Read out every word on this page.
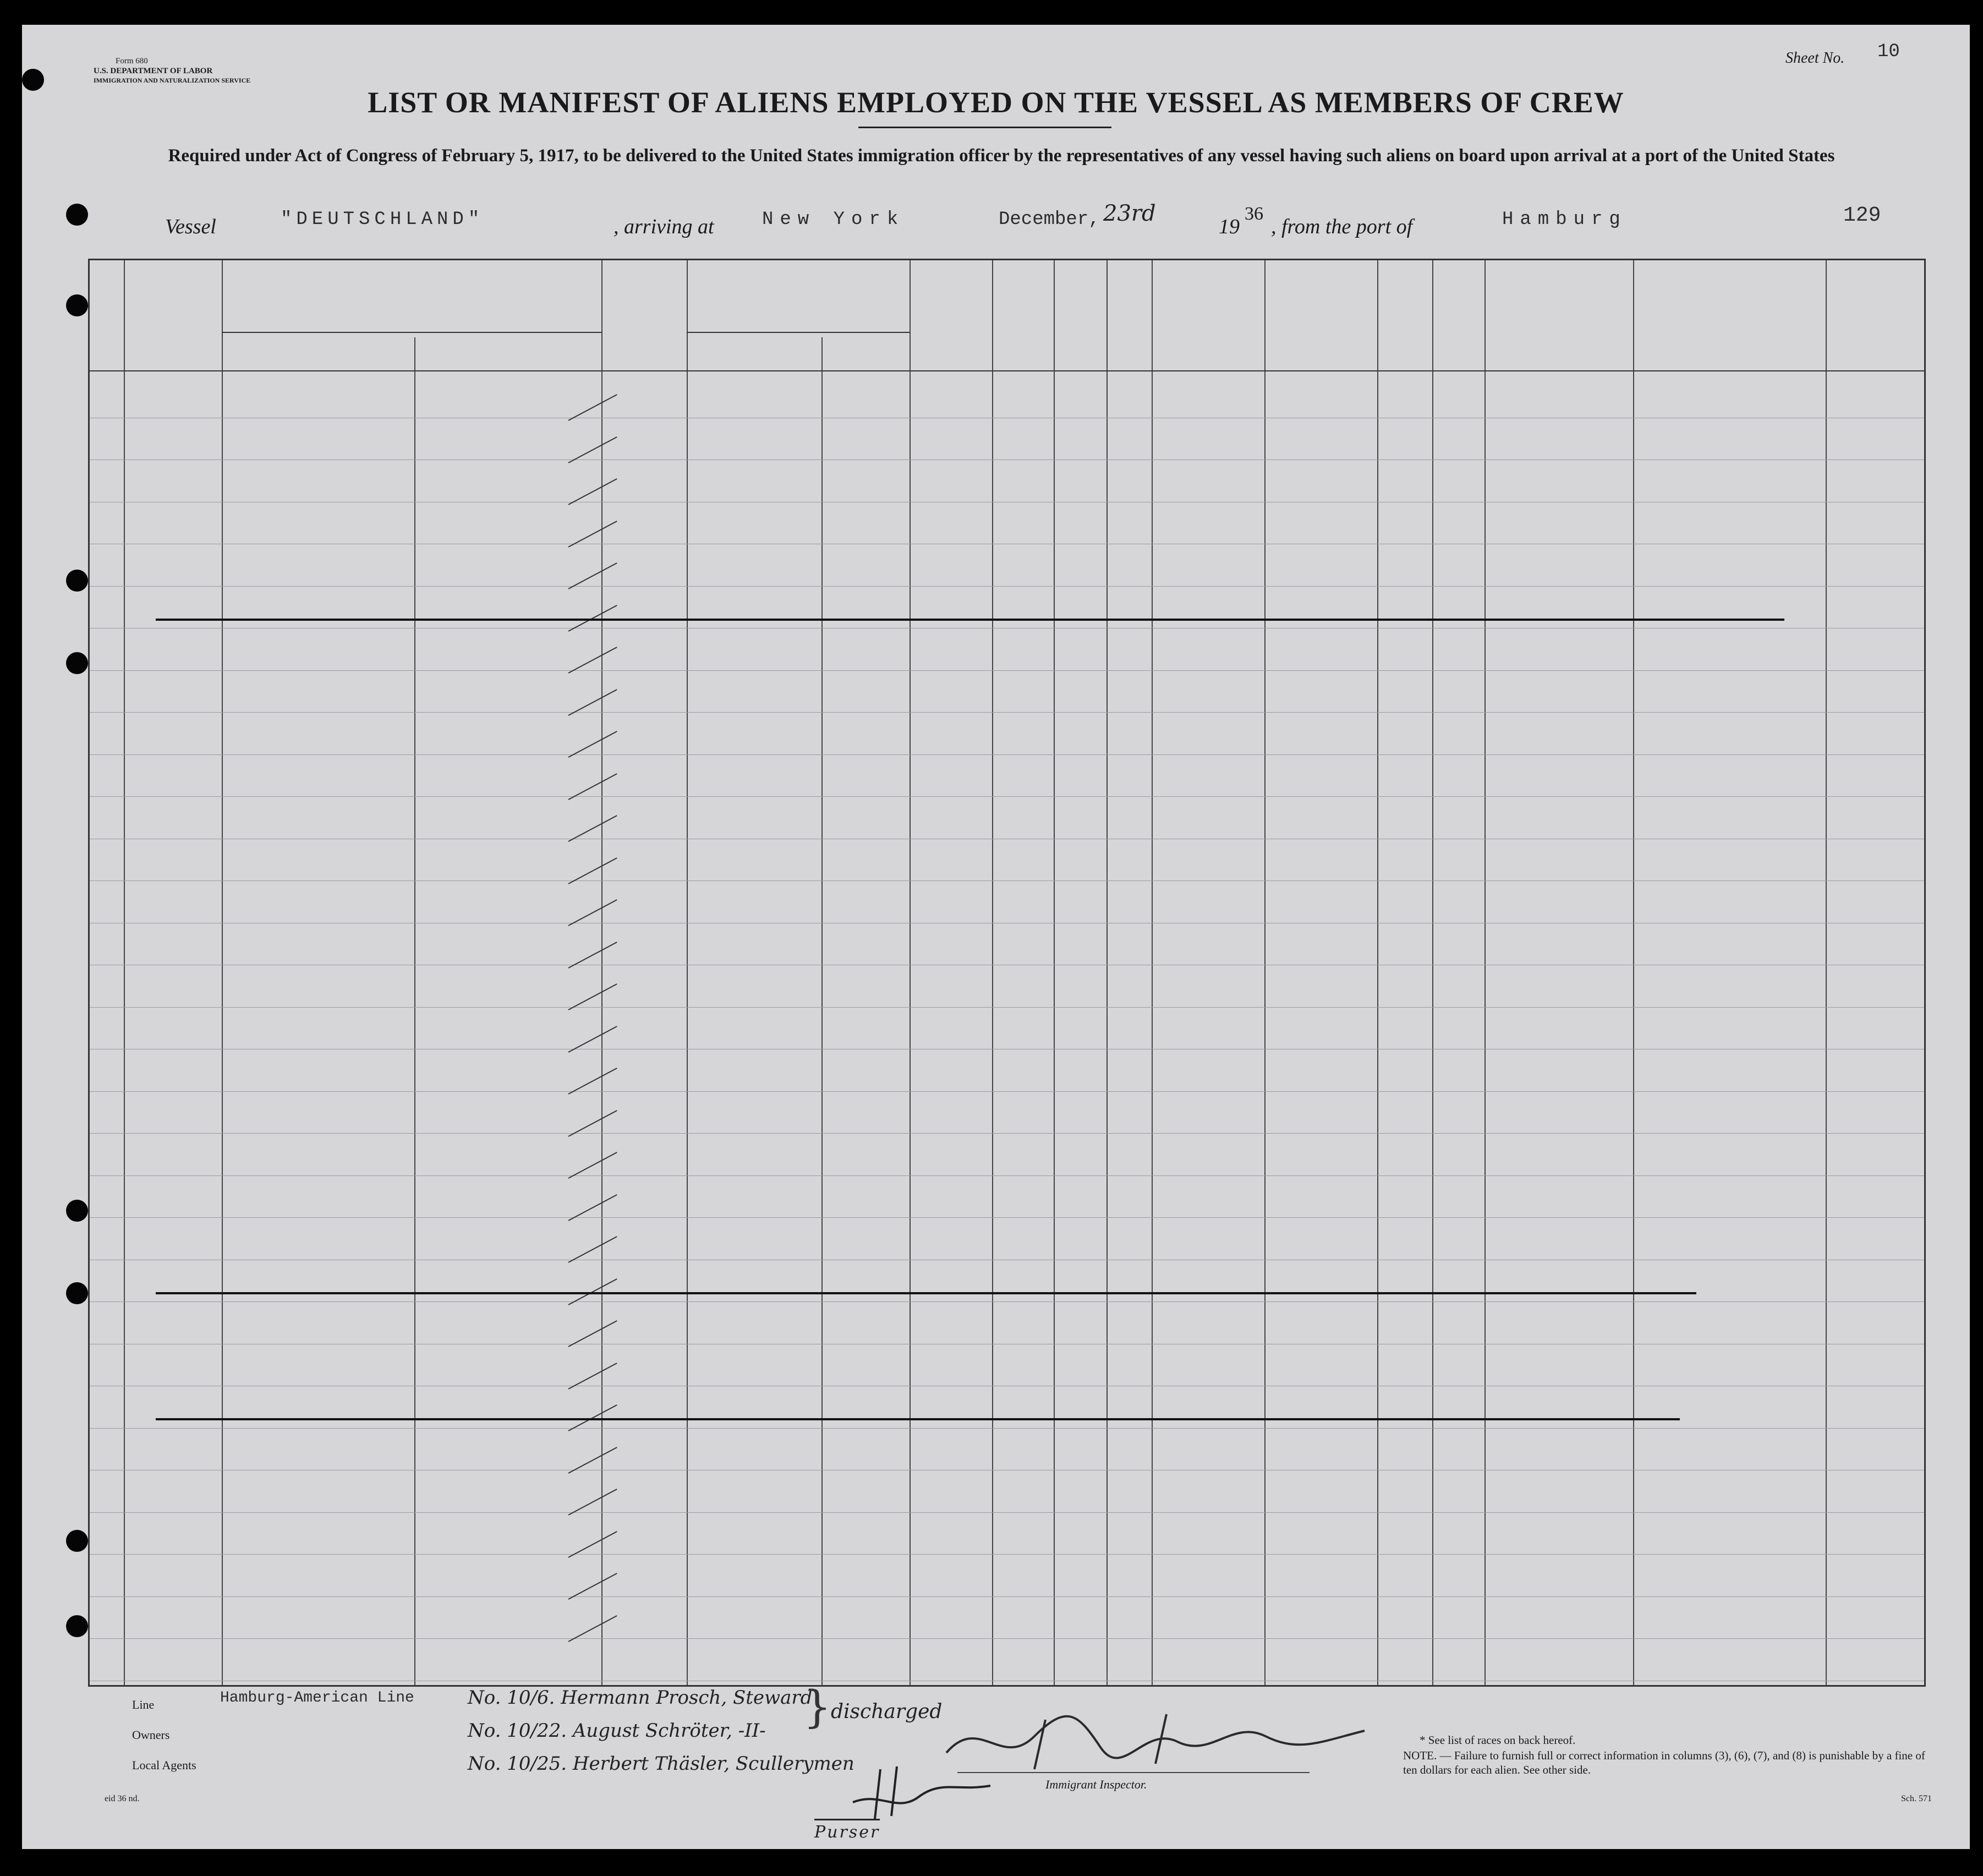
Form 680
U.S. DEPARTMENT OF LABOR
IMMIGRATION AND NATURALIZATION SERVICE
Sheet No. 10
LIST OR MANIFEST OF ALIENS EMPLOYED ON THE VESSEL AS MEMBERS OF CREW
Required under Act of Congress of February 5, 1917, to be delivered to the United States immigration officer by the representatives of any vessel having such aliens on board upon arrival at a port of the United States
Vessel	"DEUTSCHLAND"	, arriving at	New York	December, 23rd
19
36
, from the port of	Hamburg	129
Line
Owners
Local Agents
Hamburg-American Line	No. 10/6. Hermann Prosch, Steward
No. 10/22. August Schröter, -II-
No. 10/25. Herbert Thäsler, Scullerymen
} discharged
Purser
Immigrant Inspector.
* See list of races on back hereof.
NOTE. — Failure to furnish full or correct information in columns (3), (6), (7), and (8) is punishable by a fine of ten dollars for each alien. See other side.
eid 36 nd.	Sch. 571
